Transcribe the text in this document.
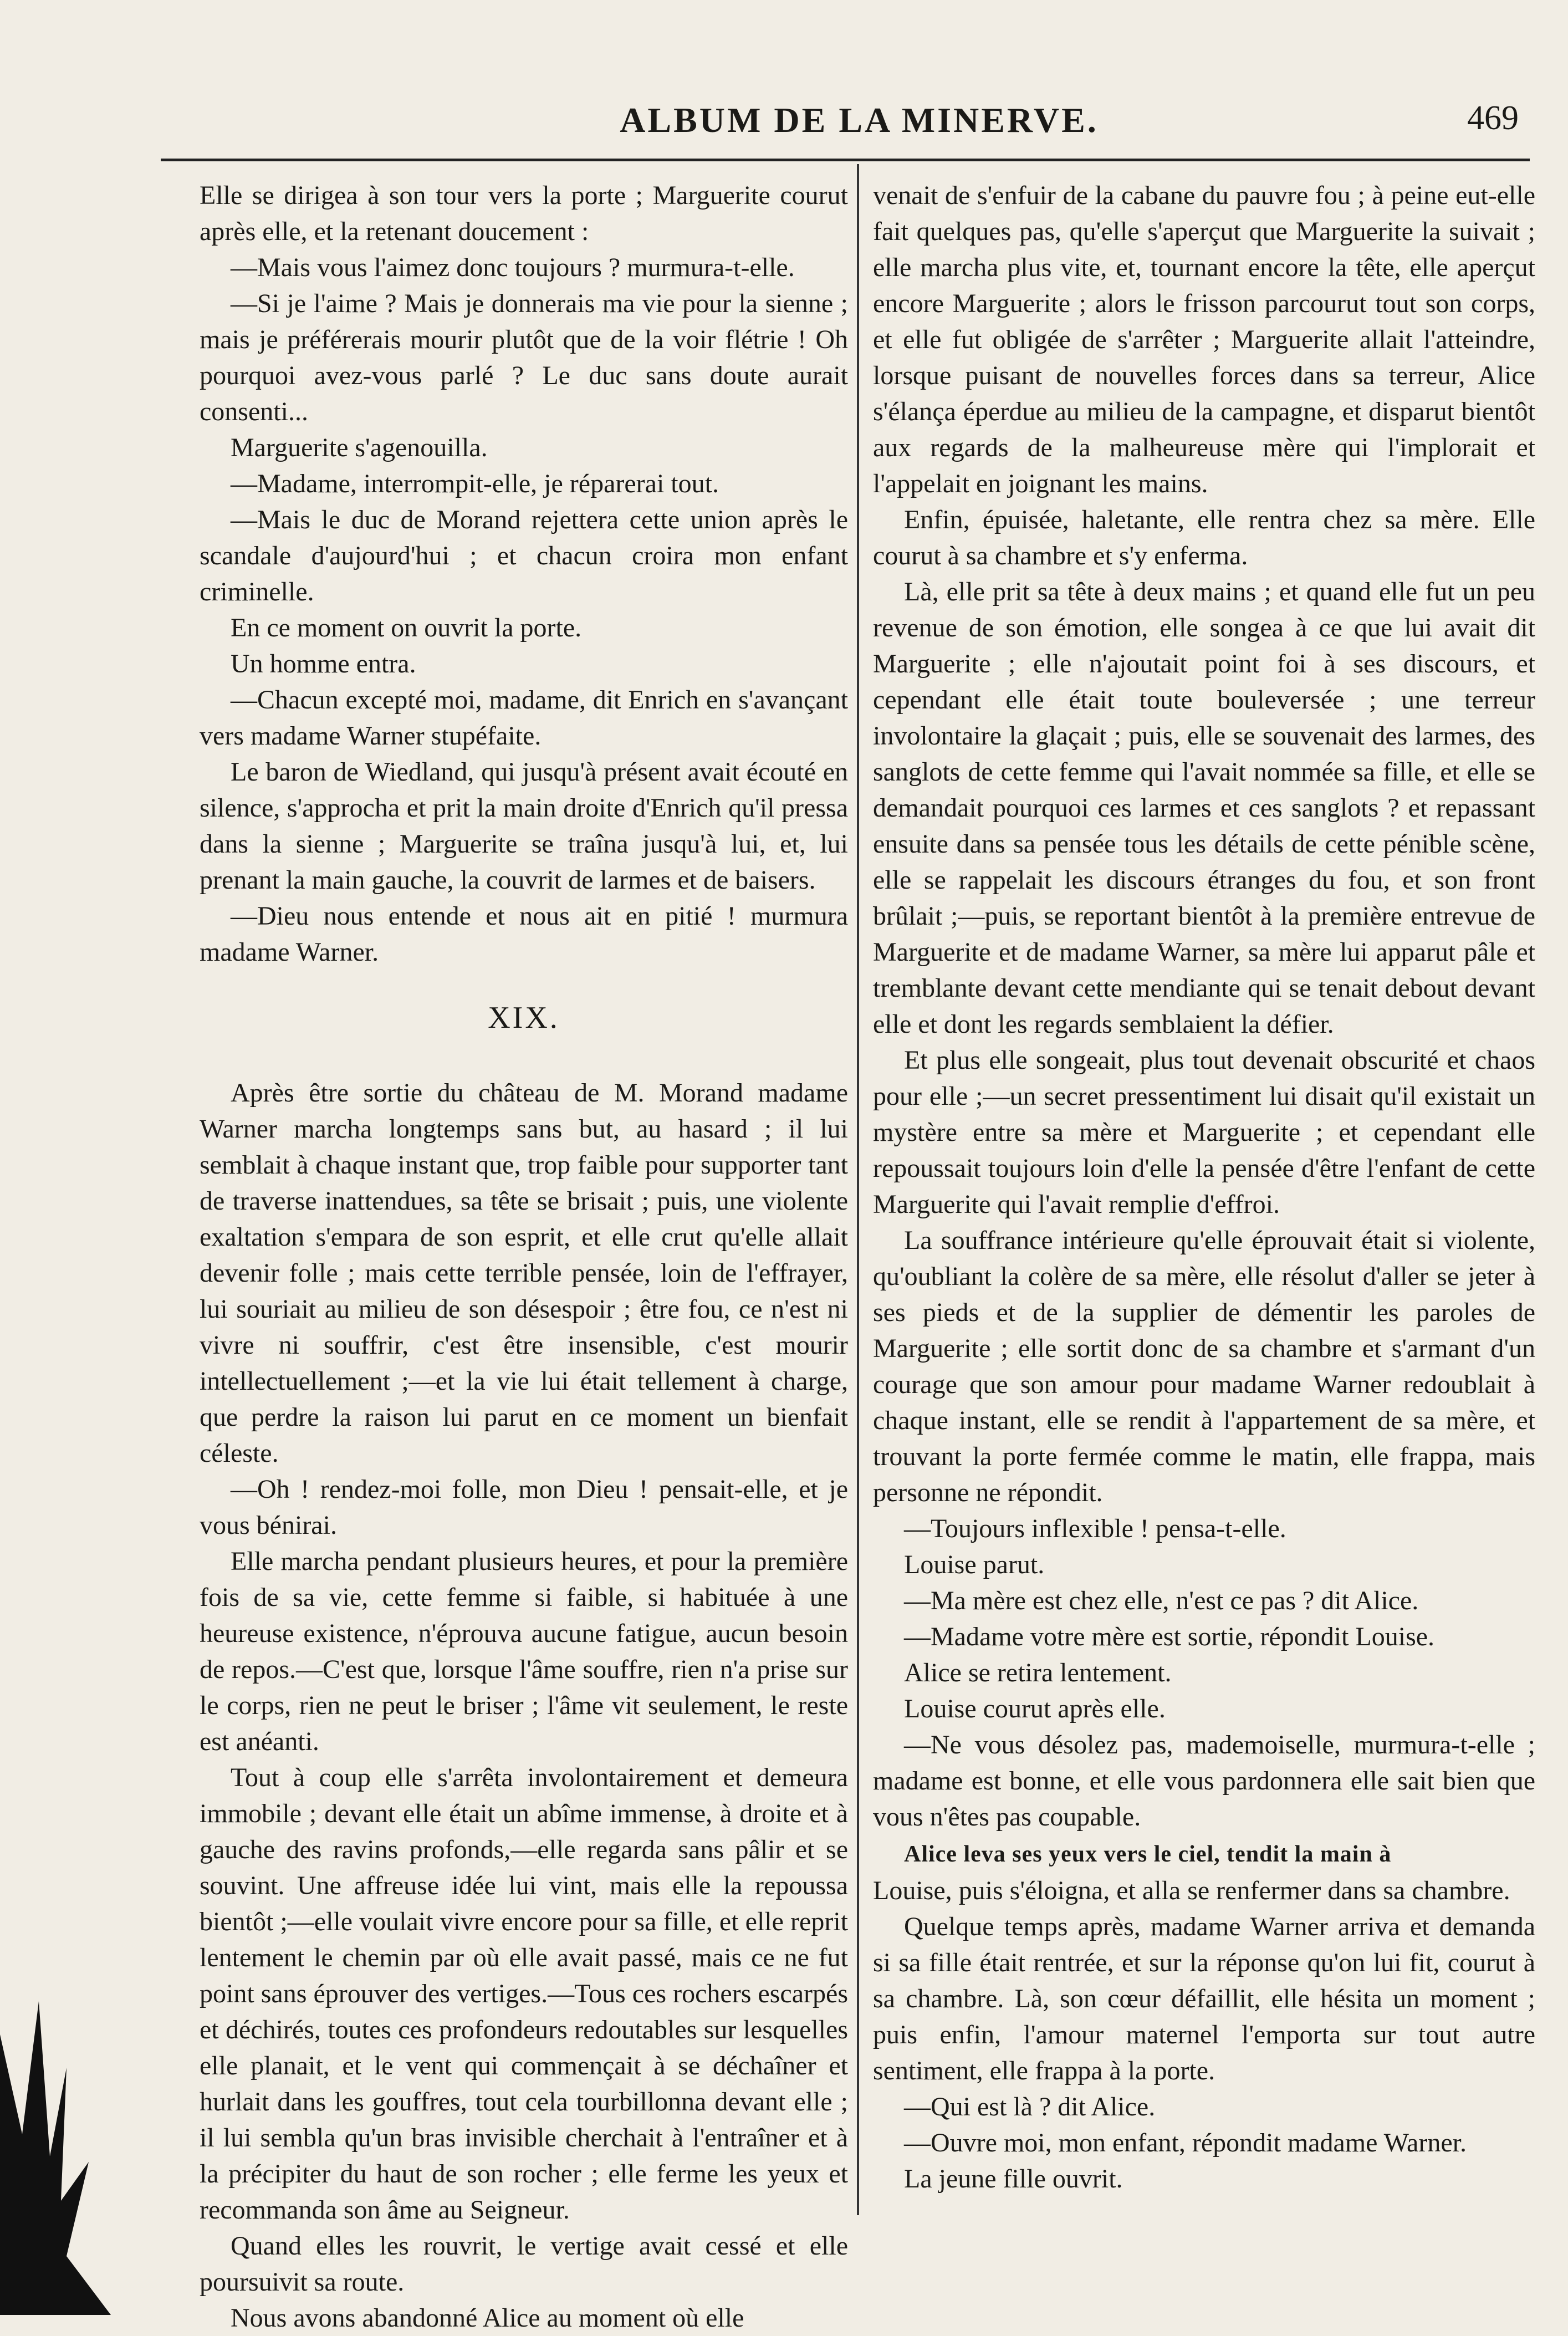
ALBUM DE LA MINERVE.	469

Elle se dirigea à son tour vers la porte ; Marguerite courut après elle, et la retenant doucement :

—Mais vous l'aimez donc toujours ? murmura-t-elle.

—Si je l'aime ? Mais je donnerais ma vie pour la sienne ; mais je préférerais mourir plutôt que de la voir flétrie ! Oh pourquoi avez-vous parlé ? Le duc sans doute aurait consenti...

Marguerite s'agenouilla.

—Madame, interrompit-elle, je réparerai tout.

—Mais le duc de Morand rejettera cette union après le scandale d'aujourd'hui ; et chacun croira mon enfant criminelle.

En ce moment on ouvrit la porte.

Un homme entra.

—Chacun excepté moi, madame, dit Enrich en s'avançant vers madame Warner stupéfaite.

Le baron de Wiedland, qui jusqu'à présent avait écouté en silence, s'approcha et prit la main droite d'Enrich qu'il pressa dans la sienne ; Marguerite se traîna jusqu'à lui, et, lui prenant la main gauche, la couvrit de larmes et de baisers.

—Dieu nous entende et nous ait en pitié ! murmura madame Warner.

XIX.

Après être sortie du château de M. Morand madame Warner marcha longtemps sans but, au hasard ; il lui semblait à chaque instant que, trop faible pour supporter tant de traverse inattendues, sa tête se brisait ; puis, une violente exaltation s'empara de son esprit, et elle crut qu'elle allait devenir folle ; mais cette terrible pensée, loin de l'effrayer, lui souriait au milieu de son désespoir ; être fou, ce n'est ni vivre ni souffrir, c'est être insensible, c'est mourir intellectuellement ;—et la vie lui était tellement à charge, que perdre la raison lui parut en ce moment un bienfait céleste.

—Oh ! rendez-moi folle, mon Dieu ! pensait-elle, et je vous bénirai.

Elle marcha pendant plusieurs heures, et pour la première fois de sa vie, cette femme si faible, si habituée à une heureuse existence, n'éprouva aucune fatigue, aucun besoin de repos.—C'est que, lorsque l'âme souffre, rien n'a prise sur le corps, rien ne peut le briser ; l'âme vit seulement, le reste est anéanti.

Tout à coup elle s'arrêta involontairement et demeura immobile ; devant elle était un abîme immense, à droite et à gauche des ravins profonds,—elle regarda sans pâlir et se souvint. Une affreuse idée lui vint, mais elle la repoussa bientôt ;—elle voulait vivre encore pour sa fille, et elle reprit lentement le chemin par où elle avait passé, mais ce ne fut point sans éprouver des vertiges.—Tous ces rochers escarpés et déchirés, toutes ces profondeurs redoutables sur lesquelles elle planait, et le vent qui commençait à se déchaîner et hurlait dans les gouffres, tout cela tourbillonna devant elle ; il lui sembla qu'un bras invisible cherchait à l'entraîner et à la précipiter du haut de son rocher ; elle ferme les yeux et recommanda son âme au Seigneur.

Quand elles les rouvrit, le vertige avait cessé et elle poursuivit sa route.

Nous avons abandonné Alice au moment où elle

venait de s'enfuir de la cabane du pauvre fou ; à peine eut-elle fait quelques pas, qu'elle s'aperçut que Marguerite la suivait ; elle marcha plus vite, et, tournant encore la tête, elle aperçut encore Marguerite ; alors le frisson parcourut tout son corps, et elle fut obligée de s'arrêter ; Marguerite allait l'atteindre, lorsque puisant de nouvelles forces dans sa terreur, Alice s'élança éperdue au milieu de la campagne, et disparut bientôt aux regards de la malheureuse mère qui l'implorait et l'appelait en joignant les mains.

Enfin, épuisée, haletante, elle rentra chez sa mère. Elle courut à sa chambre et s'y enferma.

Là, elle prit sa tête à deux mains ; et quand elle fut un peu revenue de son émotion, elle songea à ce que lui avait dit Marguerite ; elle n'ajoutait point foi à ses discours, et cependant elle était toute bouleversée ; une terreur involontaire la glaçait ; puis, elle se souvenait des larmes, des sanglots de cette femme qui l'avait nommée sa fille, et elle se demandait pourquoi ces larmes et ces sanglots ? et repassant ensuite dans sa pensée tous les détails de cette pénible scène, elle se rappelait les discours étranges du fou, et son front brûlait ;—puis, se reportant bientôt à la première entrevue de Marguerite et de madame Warner, sa mère lui apparut pâle et tremblante devant cette mendiante qui se tenait debout devant elle et dont les regards semblaient la défier.

Et plus elle songeait, plus tout devenait obscurité et chaos pour elle ;—un secret pressentiment lui disait qu'il existait un mystère entre sa mère et Marguerite ; et cependant elle repoussait toujours loin d'elle la pensée d'être l'enfant de cette Marguerite qui l'avait remplie d'effroi.

La souffrance intérieure qu'elle éprouvait était si violente, qu'oubliant la colère de sa mère, elle résolut d'aller se jeter à ses pieds et de la supplier de démentir les paroles de Marguerite ; elle sortit donc de sa chambre et s'armant d'un courage que son amour pour madame Warner redoublait à chaque instant, elle se rendit à l'appartement de sa mère, et trouvant la porte fermée comme le matin, elle frappa, mais personne ne répondit.

—Toujours inflexible ! pensa-t-elle.

Louise parut.

—Ma mère est chez elle, n'est ce pas ? dit Alice.

—Madame votre mère est sortie, répondit Louise.

Alice se retira lentement.

Louise courut après elle.

—Ne vous désolez pas, mademoiselle, murmura-t-elle ; madame est bonne, et elle vous pardonnera elle sait bien que vous n'êtes pas coupable.

Alice leva ses yeux vers le ciel, tendit la main à

Louise, puis s'éloigna, et alla se renfermer dans sa chambre.

Quelque temps après, madame Warner arriva et demanda si sa fille était rentrée, et sur la réponse qu'on lui fit, courut à sa chambre. Là, son cœur défaillit, elle hésita un moment ; puis enfin, l'amour maternel l'emporta sur tout autre sentiment, elle frappa à la porte.

—Qui est là ? dit Alice.

—Ouvre moi, mon enfant, répondit madame Warner.

La jeune fille ouvrit.
